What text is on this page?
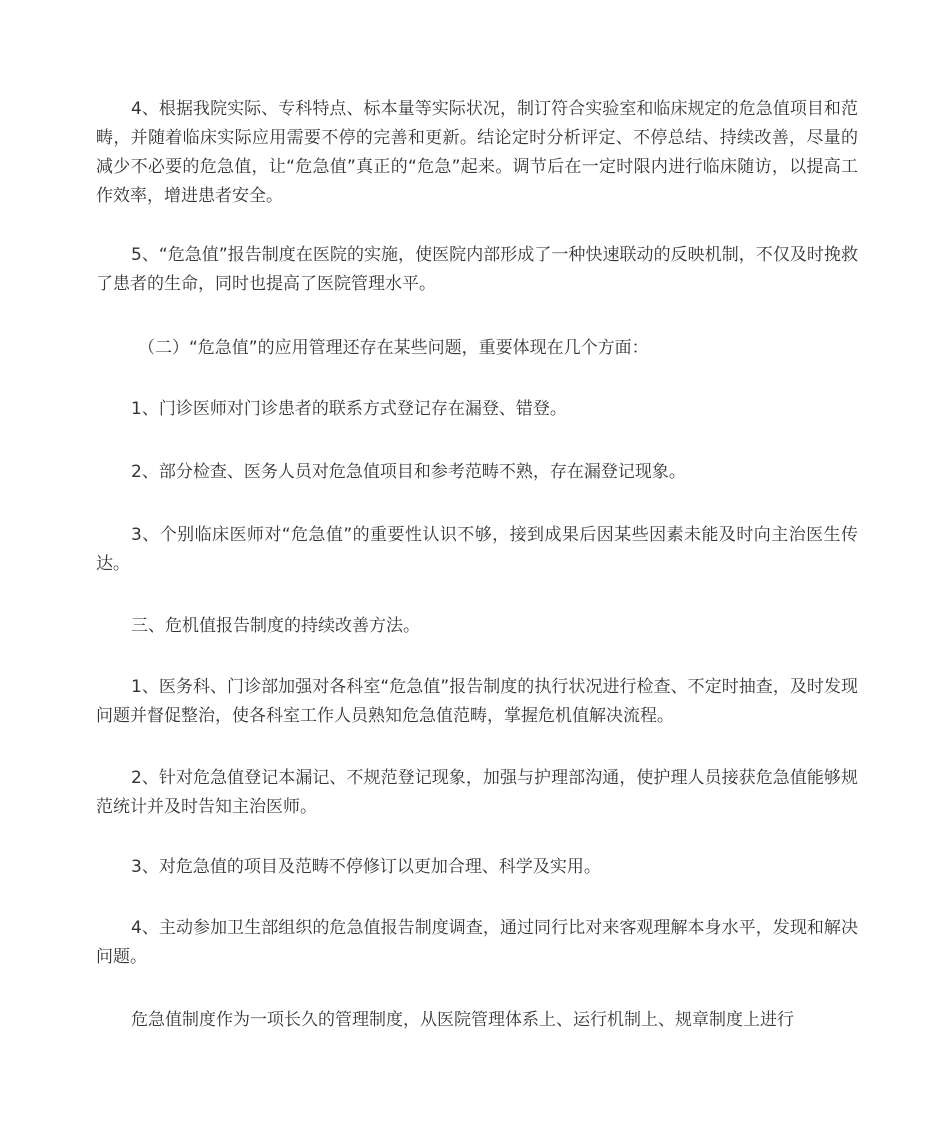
4、根据我院实际、专科特点、标本量等实际状况，制订符合实验室和临床规定的危急值项目和范畴，并随着临床实际应用需要不停的完善和更新。结论定时分析评定、不停总结、持续改善，尽量的减少不必要的危急值，让“危急值”真正的“危急”起来。调节后在一定时限内进行临床随访，以提高工作效率，增进患者安全。

5、“危急值”报告制度在医院的实施，使医院内部形成了一种快速联动的反映机制，不仅及时挽救了患者的生命，同时也提高了医院管理水平。

（二）“危急值”的应用管理还存在某些问题，重要体现在几个方面：

1、门诊医师对门诊患者的联系方式登记存在漏登、错登。

2、部分检查、医务人员对危急值项目和参考范畴不熟，存在漏登记现象。

3、个别临床医师对“危急值”的重要性认识不够，接到成果后因某些因素未能及时向主治医生传达。

三、危机值报告制度的持续改善方法。

1、医务科、门诊部加强对各科室“危急值”报告制度的执行状况进行检查、不定时抽查，及时发现问题并督促整治，使各科室工作人员熟知危急值范畴，掌握危机值解决流程。

2、针对危急值登记本漏记、不规范登记现象，加强与护理部沟通，使护理人员接获危急值能够规范统计并及时告知主治医师。

3、对危急值的项目及范畴不停修订以更加合理、科学及实用。

4、主动参加卫生部组织的危急值报告制度调查，通过同行比对来客观理解本身水平，发现和解决问题。

危急值制度作为一项长久的管理制度，从医院管理体系上、运行机制上、规章制度上进行
